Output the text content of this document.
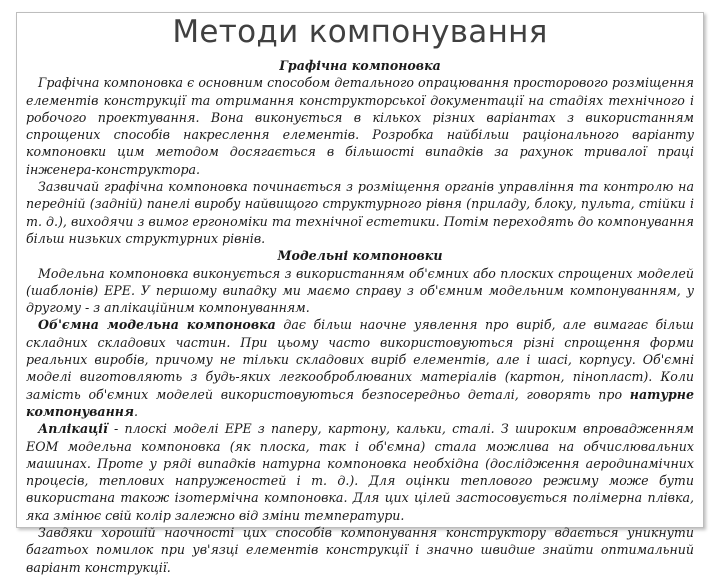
Методи компонування

Графічна компоновка

Графічна компоновка є основним способом детального опрацювання просторового розміщення елементів конструкції та отримання конструкторської документації на стадіях технічного і робочого проектування. Вона виконується в кількох різних варіантах з використанням спрощених способів накреслення елементів. Розробка найбільш раціонального варіанту компоновки цим методом досягається в більшості випадків за рахунок тривалої праці інженера-конструктора.

Зазвичай графічна компоновка починається з розміщення органів управління та контролю на передній (задній) панелі виробу найвищого структурного рівня (приладу, блоку, пульта, стійки і т. д.), виходячи з вимог ергономіки та технічної естетики. Потім переходять до компонування більш низьких структурних рівнів.

Модельні компоновки

Модельна компоновка виконується з використанням об'ємних або плоских спрощених моделей (шаблонів) ЕРЕ. У першому випадку ми маємо справу з об'ємним модельним компонуванням, у другому - з аплікаційним компонуванням.

Об'ємна модельна компоновка дає більш наочне уявлення про виріб, але вимагає більш складних складових частин. При цьому часто використовуються різні спрощення форми реальних виробів, причому не тільки складових виріб елементів, але і шасі, корпусу. Об'ємні моделі виготовляють з будь-яких легкооброблюваних матеріалів (картон, пінопласт). Коли замість об'ємних моделей використовуються безпосередньо деталі, говорять про натурне компонування.

Аплікації - плоскі моделі ЕРЕ з паперу, картону, кальки, сталі. З широким впровадженням ЕОМ модельна компоновка (як плоска, так і об'ємна) стала можлива на обчислювальних машинах. Проте у ряді випадків натурна компоновка необхідна (дослідження аеродинамічних процесів, теплових напруженостей і т. д.). Для оцінки теплового режиму може бути використана також ізотермічна компоновка. Для цих цілей застосовується полімерна плівка, яка змінює свій колір залежно від зміни температури.

Завдяки хорошій наочності цих способів компонування конструктору вдається уникнути багатьох помилок при ув'язці елементів конструкції і значно швидше знайти оптимальний варіант конструкції.
